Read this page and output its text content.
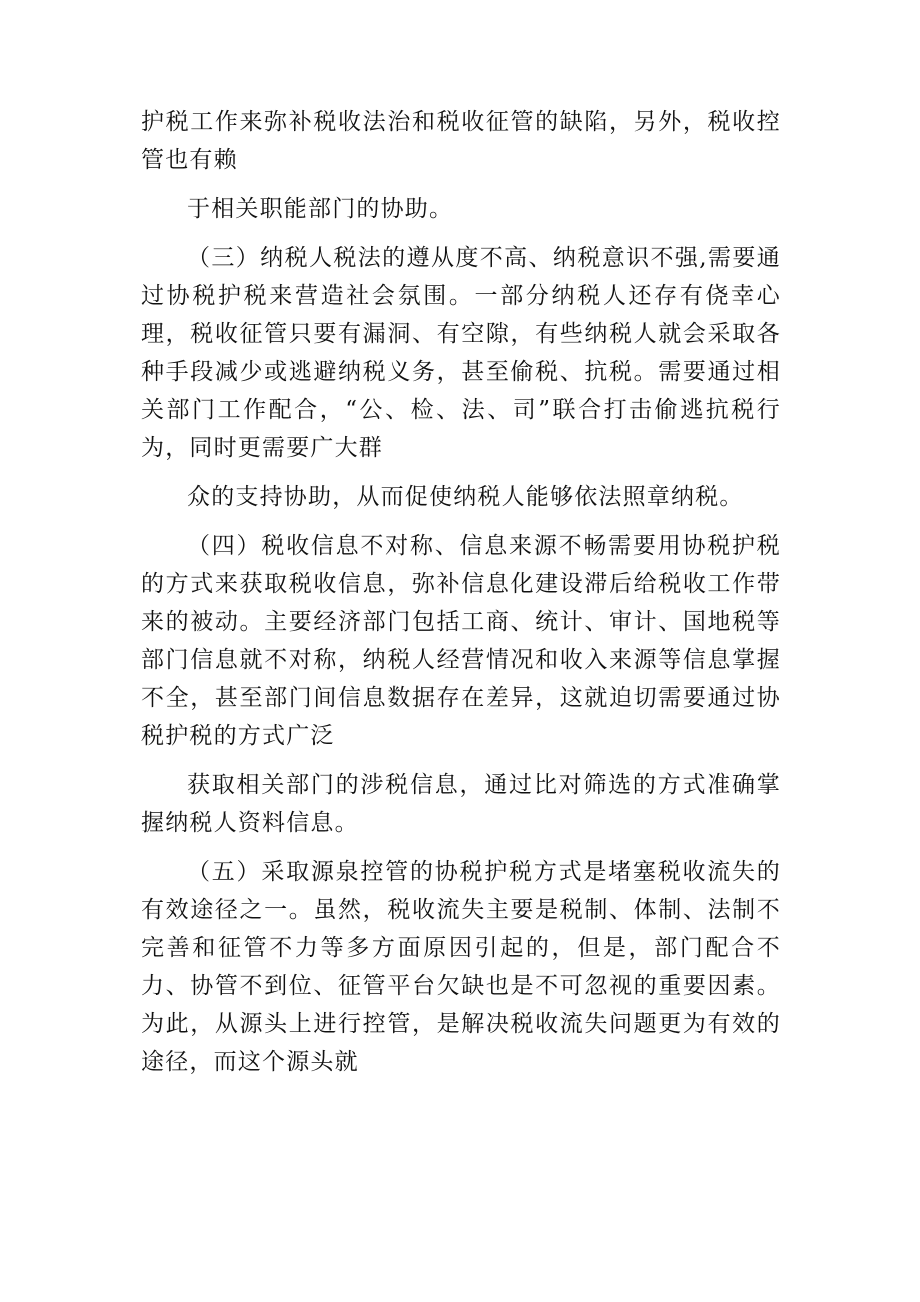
护税工作来弥补税收法治和税收征管的缺陷，另外，税收控管也有赖

于相关职能部门的协助。

（三）纳税人税法的遵从度不高、纳税意识不强,需要通过协税护税来营造社会氛围。一部分纳税人还存有侥幸心理，税收征管只要有漏洞、有空隙，有些纳税人就会采取各种手段减少或逃避纳税义务，甚至偷税、抗税。需要通过相关部门工作配合，“公、检、法、司”联合打击偷逃抗税行为，同时更需要广大群

众的支持协助，从而促使纳税人能够依法照章纳税。

（四）税收信息不对称、信息来源不畅需要用协税护税的方式来获取税收信息，弥补信息化建设滞后给税收工作带来的被动。主要经济部门包括工商、统计、审计、国地税等部门信息就不对称，纳税人经营情况和收入来源等信息掌握不全，甚至部门间信息数据存在差异，这就迫切需要通过协税护税的方式广泛

获取相关部门的涉税信息，通过比对筛选的方式准确掌握纳税人资料信息。

（五）采取源泉控管的协税护税方式是堵塞税收流失的有效途径之一。虽然，税收流失主要是税制、体制、法制不完善和征管不力等多方面原因引起的，但是，部门配合不力、协管不到位、征管平台欠缺也是不可忽视的重要因素。为此，从源头上进行控管，是解决税收流失问题更为有效的途径，而这个源头就
